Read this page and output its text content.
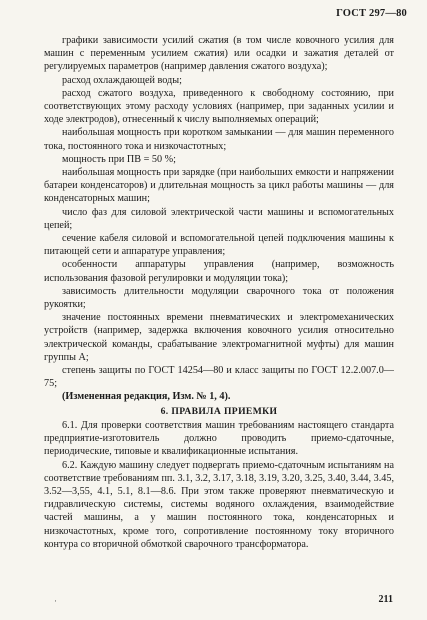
ГОСТ 297—80

графики зависимости усилий сжатия (в том числе ковочного усилия для машин с переменным усилием сжатия) или осадки и зажатия деталей от регулируемых параметров (например давления сжатого воздуха);

расход охлаждающей воды;

расход сжатого воздуха, приведенного к свободному состоянию, при соответствующих этому расходу условиях (например, при заданных усилии и ходе электродов), отнесенный к числу выполняемых операций;

наибольшая мощность при коротком замыкании — для машин переменного тока, постоянного тока и низкочастотных;

мощность при ПВ = 50 %;

наибольшая мощность при зарядке (при наибольших емкости и напряжении батареи конденсаторов) и длительная мощность за цикл работы машины — для конденсаторных машин;

число фаз для силовой электрической части машины и вспомогательных цепей;

сечение кабеля силовой и вспомогательной цепей подключения машины к питающей сети и аппаратуре управления;

особенности аппаратуры управления (например, возможность использования фазовой регулировки и модуляции тока);

зависимость длительности модуляции сварочного тока от положения рукоятки;

значение постоянных времени пневматических и электромеханических устройств (например, задержка включения ковочного усилия относительно электрической команды, срабатывание электромагнитной муфты) для машин группы А;

степень защиты по ГОСТ 14254—80 и класс защиты по ГОСТ 12.2.007.0—75;

(Измененная редакция, Изм. № 1, 4).

6. ПРАВИЛА ПРИЕМКИ

6.1. Для проверки соответствия машин требованиям настоящего стандарта предприятие-изготовитель должно проводить приемо-сдаточные, периодические, типовые и квалификационные испытания.

6.2. Каждую машину следует подвергать приемо-сдаточным испытаниям на соответствие требованиям пп. 3.1, 3.2, 3.17, 3.18, 3.19, 3.20, 3.25, 3.40, 3.44, 3.45, 3.52—3,55, 4.1, 5.1, 8.1—8.6. При этом также проверяют пневматическую и гидравлическую системы, системы водяного охлаждения, взаимодействие частей машины, а у машин постоянного тока, конденсаторных и низкочастотных, кроме того, сопротивление постоянному току вторичного контура со вторичной обмоткой сварочного трансформатора.

·	211
